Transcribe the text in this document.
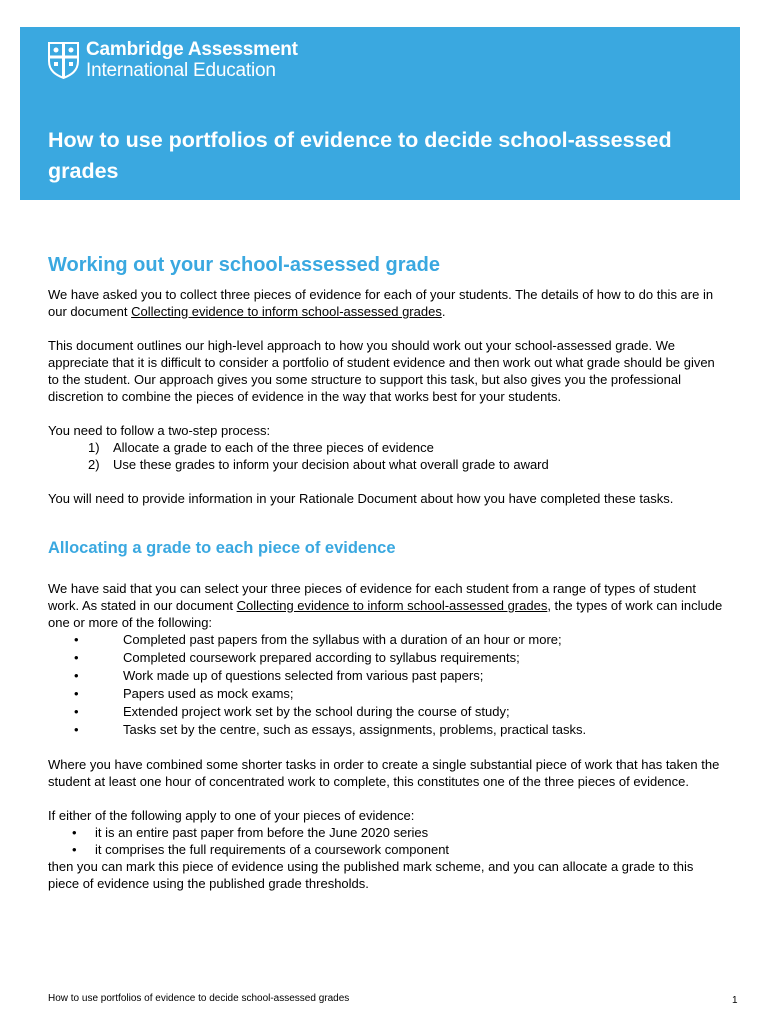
Cambridge Assessment
International Education
How to use portfolios of evidence to decide school-assessed grades
Working out your school-assessed grade

We have asked you to collect three pieces of evidence for each of your students. The details of how to do this are in our document Collecting evidence to inform school-assessed grades.

This document outlines our high-level approach to how you should work out your school-assessed grade. We appreciate that it is difficult to consider a portfolio of student evidence and then work out what grade should be given to the student. Our approach gives you some structure to support this task, but also gives you the professional discretion to combine the pieces of evidence in the way that works best for your students.

You need to follow a two-step process:

1)	Allocate a grade to each of the three pieces of evidence
2)	Use these grades to inform your decision about what overall grade to award

You will need to provide information in your Rationale Document about how you have completed these tasks.

Allocating a grade to each piece of evidence

We have said that you can select your three pieces of evidence for each student from a range of types of student work. As stated in our document Collecting evidence to inform school-assessed grades, the types of work can include one or more of the following:

•	Completed past papers from the syllabus with a duration of an hour or more;
•	Completed coursework prepared according to syllabus requirements;
•	Work made up of questions selected from various past papers;
•	Papers used as mock exams;
•	Extended project work set by the school during the course of study;
•	Tasks set by the centre, such as essays, assignments, problems, practical tasks.

Where you have combined some shorter tasks in order to create a single substantial piece of work that has taken the student at least one hour of concentrated work to complete, this constitutes one of the three pieces of evidence.

If either of the following apply to one of your pieces of evidence:

•	it is an entire past paper from before the June 2020 series
•	it comprises the full requirements of a coursework component

then you can mark this piece of evidence using the published mark scheme, and you can allocate a grade to this piece of evidence using the published grade thresholds.

How to use portfolios of evidence to decide school-assessed grades	1
